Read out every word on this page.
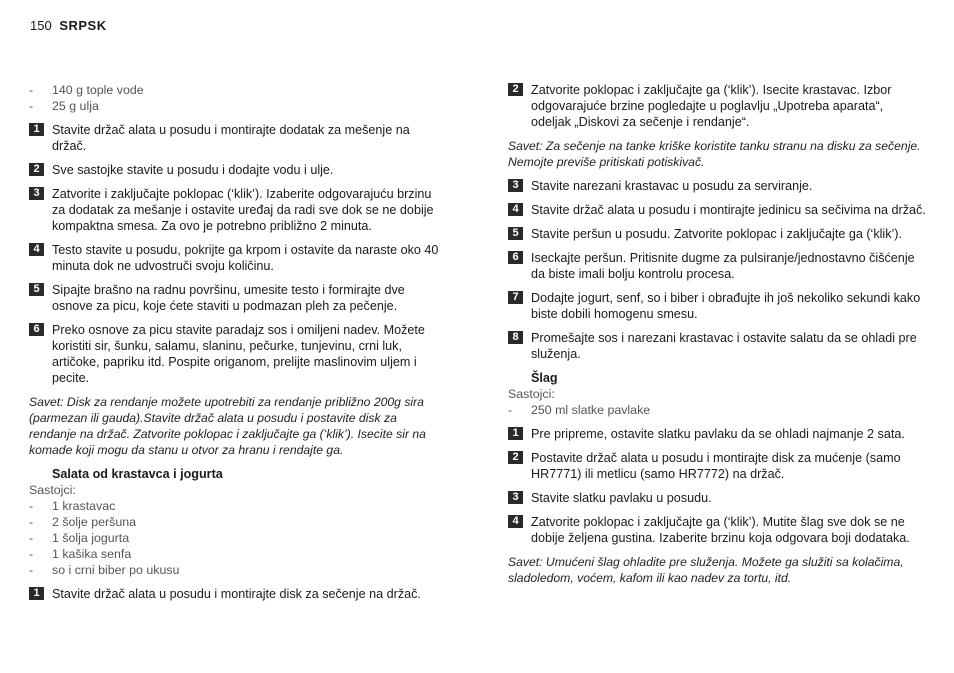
150 SRPSK
- 140 g tople vode
- 25 g ulja
1 Stavite držač alata u posudu i montirajte dodatak za mešenje na držač.
2 Sve sastojke stavite u posudu i dodajte vodu i ulje.
3 Zatvorite i zaključajte poklopac (‘klik’). Izaberite odgovarajuću brzinu za dodatak za mešanje i ostavite uređaj da radi sve dok se ne dobije kompaktna smesa. Za ovo je potrebno približno 2 minuta.
4 Testo stavite u posudu, pokrijte ga krpom i ostavite da naraste oko 40 minuta dok ne udvostruči svoju količinu.
5 Sipajte brašno na radnu površinu, umesite testo i formirajte dve osnove za picu, koje ćete staviti u podmazan pleh za pečenje.
6 Preko osnove za picu stavite paradajz sos i omiljeni nadev. Možete koristiti sir, šunku, salamu, slaninu, pečurke, tunjevinu, crni luk, artičoke, papriku itd. Pospite origanom, prelijte maslinovim uljem i pecite.
Savet: Disk za rendanje možete upotrebiti za rendanje približno 200g sira (parmezan ili gauda).Stavite držač alata u posudu i postavite disk za rendanje na držač. Zatvorite poklopac i zaključajte ga (‘klik’). Isecite sir na komade koji mogu da stanu u otvor za hranu i rendajte ga.
Salata od krastavca i jogurta
Sastojci:
- 1 krastavac
- 2 šolje peršuna
- 1 šolja jogurta
- 1 kašika senfa
- so i crni biber po ukusu
1 Stavite držač alata u posudu i montirajte disk za sečenje na držač.
2 Zatvorite poklopac i zaključajte ga (‘klik’). Isecite krastavac. Izbor odgovarajuće brzine pogledajte u poglavlju „Upotreba aparata“, odeljak „Diskovi za sečenje i rendanje“.
Savet: Za sečenje na tanke kriške koristite tanku stranu na disku za sečenje. Nemojte previše pritiskati potiskivač.
3 Stavite narezani krastavac u posudu za serviranje.
4 Stavite držač alata u posudu i montirajte jedinicu sa sečivima na držač.
5 Stavite peršun u posudu. Zatvorite poklopac i zaključajte ga (‘klik’).
6 Iseckajte peršun. Pritisnite dugme za pulsiranje/jednostavno čišćenje da biste imali bolju kontrolu procesa.
7 Dodajte jogurt, senf, so i biber i obrađujte ih još nekoliko sekundi kako biste dobili homogenu smesu.
8 Promešajte sos i narezani krastavac i ostavite salatu da se ohladi pre služenja.
Šlag
Sastojci:
- 250 ml slatke pavlake
1 Pre pripreme, ostavite slatku pavlaku da se ohladi najmanje 2 sata.
2 Postavite držač alata u posudu i montirajte disk za mućenje (samo HR7771) ili metlicu (samo HR7772) na držač.
3 Stavite slatku pavlaku u posudu.
4 Zatvorite poklopac i zaključajte ga (‘klik’). Mutite šlag sve dok se ne dobije željena gustina. Izaberite brzinu koja odgovara boji dodataka.
Savet: Umućeni šlag ohladite pre služenja. Možete ga služiti sa kolačima, sladoledom, voćem, kafom ili kao nadev za tortu, itd.
